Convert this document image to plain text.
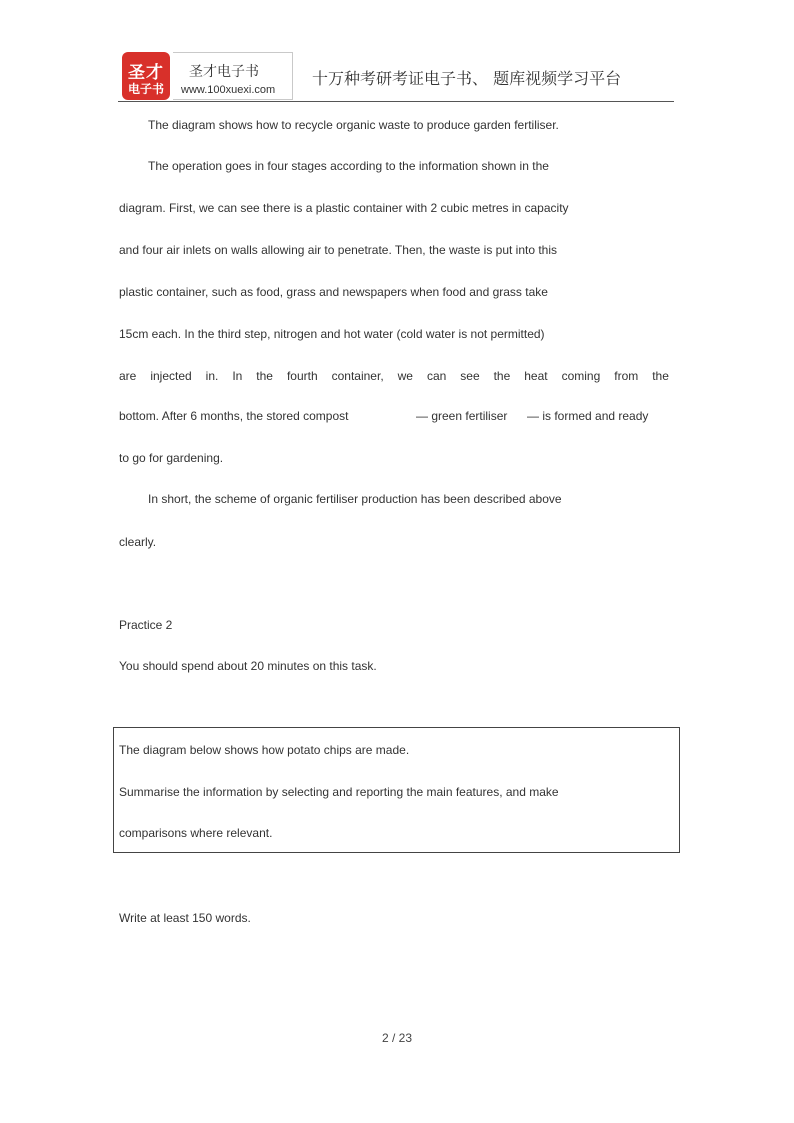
圣才
电子书
圣才电子书
www.100xuexi.com
十万种考研考证电子书、 题库视频学习平台
The diagram shows how to recycle organic waste to produce garden fertiliser.
The operation goes in four stages according to the information shown in the
diagram. First, we can see there is a plastic container with 2 cubic metres in capacity
and four air inlets on walls allowing air to penetrate. Then, the waste is put into this
plastic container, such as food, grass and newspapers when food and grass take
15cm each. In the third step, nitrogen and hot water (cold water is not permitted)
are injected in. In the fourth container, we can see the heat coming from the
bottom. After 6 months, the stored compost	— green fertiliser — is formed and ready
to go for gardening.
In short, the scheme of organic fertiliser production has been described above
clearly.
Practice 2
You should spend about 20 minutes on this task.
The diagram below shows how potato chips are made.
Summarise the information by selecting and reporting the main features, and make
comparisons where relevant.
Write at least 150 words.
2 / 23
